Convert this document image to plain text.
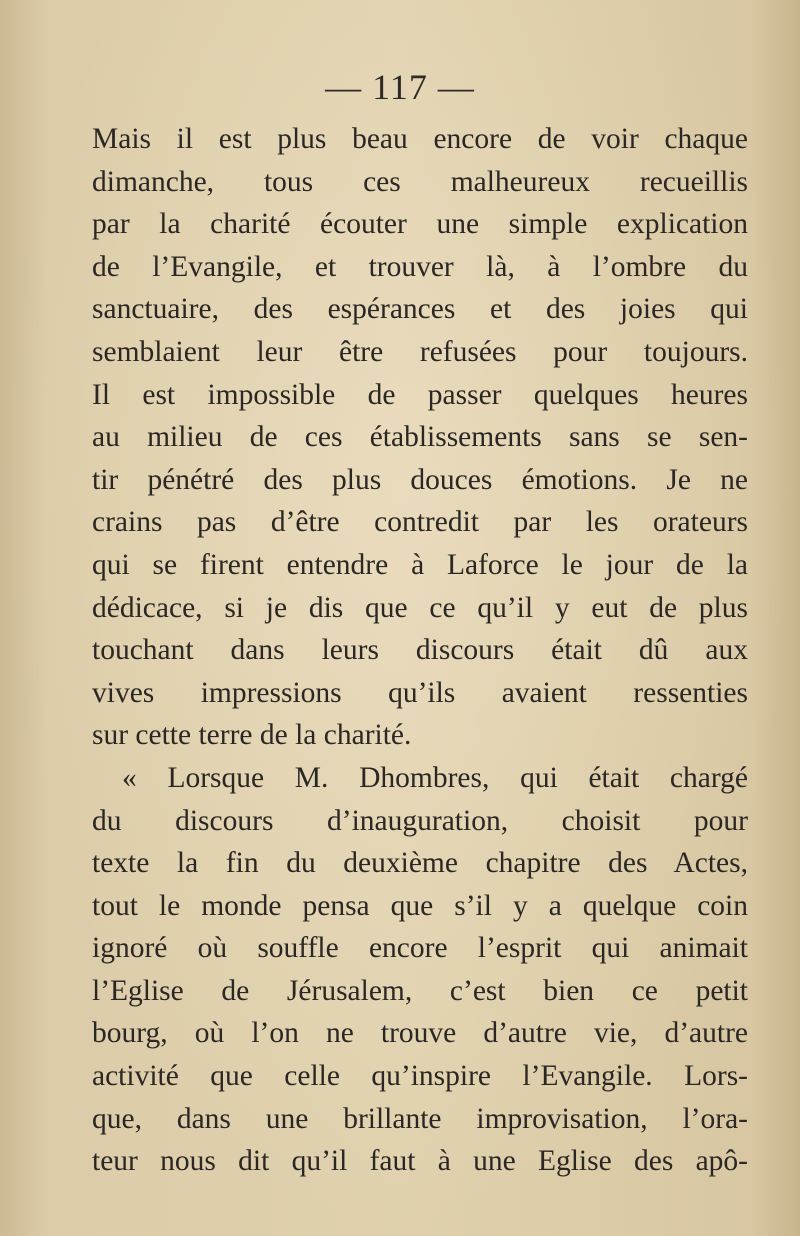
— 117 —
Mais il est plus beau encore de voir chaque
dimanche, tous ces malheureux recueillis
par la charité écouter une simple explication
de l’Evangile, et trouver là, à l’ombre du
sanctuaire, des espérances et des joies qui
semblaient leur être refusées pour toujours.
Il est impossible de passer quelques heures
au milieu de ces établissements sans se sen-
tir pénétré des plus douces émotions. Je ne
crains pas d’être contredit par les orateurs
qui se firent entendre à Laforce le jour de la
dédicace, si je dis que ce qu’il y eut de plus
touchant dans leurs discours était dû aux
vives impressions qu’ils avaient ressenties
sur cette terre de la charité.
« Lorsque M. Dhombres, qui était chargé
du discours d’inauguration, choisit pour
texte la fin du deuxième chapitre des Actes,
tout le monde pensa que s’il y a quelque coin
ignoré où souffle encore l’esprit qui animait
l’Eglise de Jérusalem, c’est bien ce petit
bourg, où l’on ne trouve d’autre vie, d’autre
activité que celle qu’inspire l’Evangile. Lors-
que, dans une brillante improvisation, l’ora-
teur nous dit qu’il faut à une Eglise des apô-
